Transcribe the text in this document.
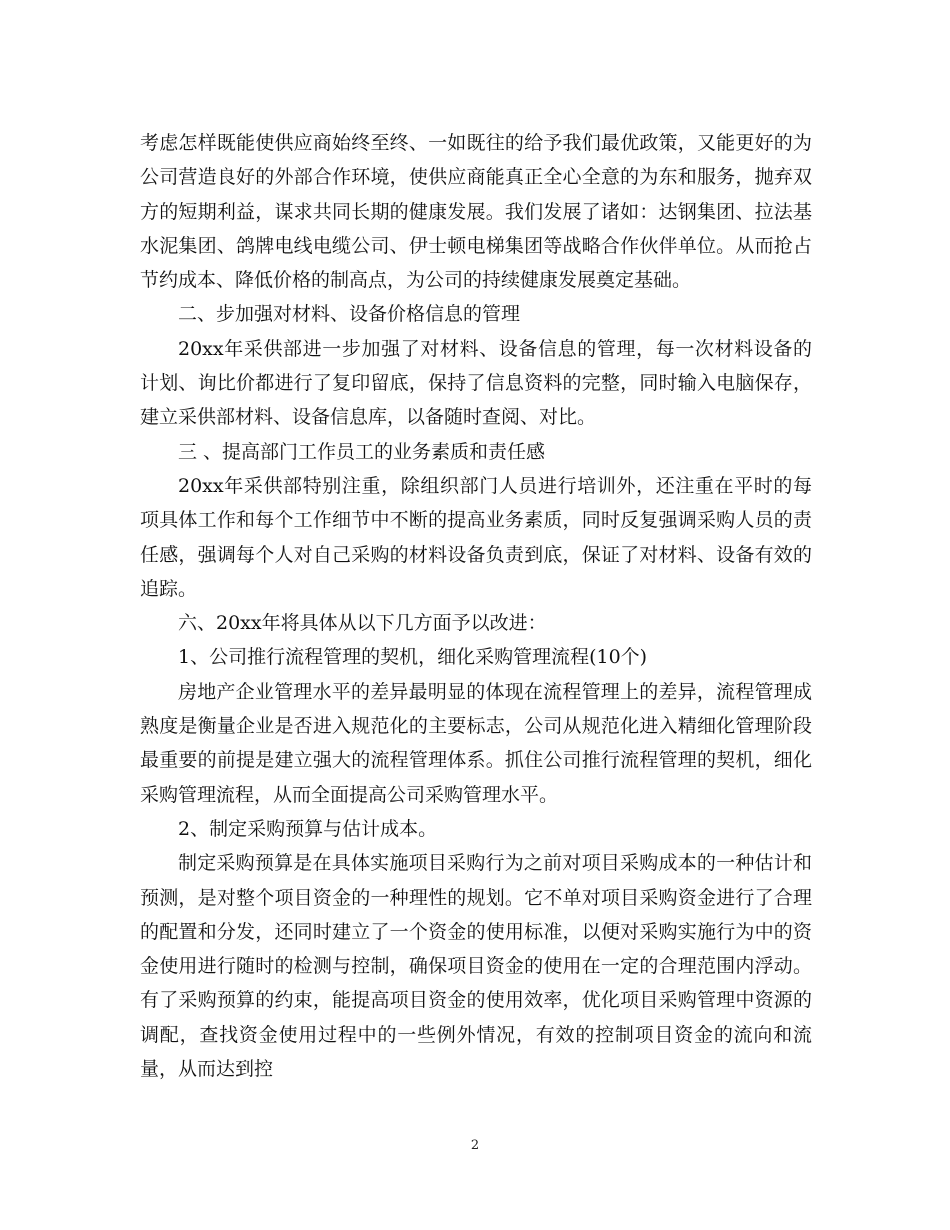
考虑怎样既能使供应商始终至终、一如既往的给予我们最优政策，又能更好的为公司营造良好的外部合作环境，使供应商能真正全心全意的为东和服务，抛弃双方的短期利益，谋求共同长期的健康发展。我们发展了诸如：达钢集团、拉法基水泥集团、鸽牌电线电缆公司、伊士顿电梯集团等战略合作伙伴单位。从而抢占节约成本、降低价格的制高点，为公司的持续健康发展奠定基础。

二、步加强对材料、设备价格信息的管理

20xx年采供部进一步加强了对材料、设备信息的管理，每一次材料设备的计划、询比价都进行了复印留底，保持了信息资料的完整，同时输入电脑保存，建立采供部材料、设备信息库，以备随时查阅、对比。

三 、提高部门工作员工的业务素质和责任感

20xx年采供部特别注重，除组织部门人员进行培训外，还注重在平时的每项具体工作和每个工作细节中不断的提高业务素质，同时反复强调采购人员的责任感，强调每个人对自己采购的材料设备负责到底，保证了对材料、设备有效的追踪。

六、20xx年将具体从以下几方面予以改进：

1、公司推行流程管理的契机，细化采购管理流程(10个)

房地产企业管理水平的差异最明显的体现在流程管理上的差异，流程管理成熟度是衡量企业是否进入规范化的主要标志，公司从规范化进入精细化管理阶段最重要的前提是建立强大的流程管理体系。抓住公司推行流程管理的契机，细化采购管理流程，从而全面提高公司采购管理水平。

2、制定采购预算与估计成本。

制定采购预算是在具体实施项目采购行为之前对项目采购成本的一种估计和预测，是对整个项目资金的一种理性的规划。它不单对项目采购资金进行了合理的配置和分发，还同时建立了一个资金的使用标准，以便对采购实施行为中的资金使用进行随时的检测与控制，确保项目资金的使用在一定的合理范围内浮动。有了采购预算的约束，能提高项目资金的使用效率，优化项目采购管理中资源的调配，查找资金使用过程中的一些例外情况，有效的控制项目资金的流向和流量，从而达到控

2
